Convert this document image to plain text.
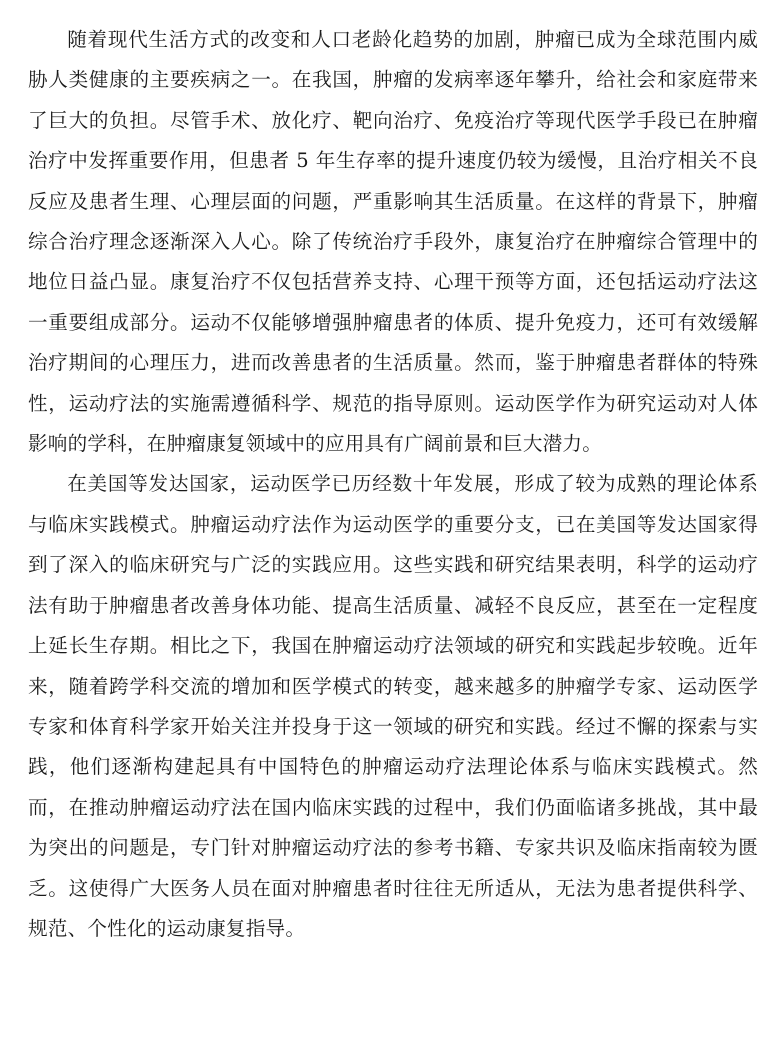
随着现代生活方式的改变和人口老龄化趋势的加剧，肿瘤已成为全球范围内威胁人类健康的主要疾病之一。在我国，肿瘤的发病率逐年攀升，给社会和家庭带来了巨大的负担。尽管手术、放化疗、靶向治疗、免疫治疗等现代医学手段已在肿瘤治疗中发挥重要作用，但患者 5 年生存率的提升速度仍较为缓慢，且治疗相关不良反应及患者生理、心理层面的问题，严重影响其生活质量。在这样的背景下，肿瘤综合治疗理念逐渐深入人心。除了传统治疗手段外，康复治疗在肿瘤综合管理中的地位日益凸显。康复治疗不仅包括营养支持、心理干预等方面，还包括运动疗法这一重要组成部分。运动不仅能够增强肿瘤患者的体质、提升免疫力，还可有效缓解治疗期间的心理压力，进而改善患者的生活质量。然而，鉴于肿瘤患者群体的特殊性，运动疗法的实施需遵循科学、规范的指导原则。运动医学作为研究运动对人体影响的学科，在肿瘤康复领域中的应用具有广阔前景和巨大潜力。

在美国等发达国家，运动医学已历经数十年发展，形成了较为成熟的理论体系与临床实践模式。肿瘤运动疗法作为运动医学的重要分支，已在美国等发达国家得到了深入的临床研究与广泛的实践应用。这些实践和研究结果表明，科学的运动疗法有助于肿瘤患者改善身体功能、提高生活质量、减轻不良反应，甚至在一定程度上延长生存期。相比之下，我国在肿瘤运动疗法领域的研究和实践起步较晚。近年来，随着跨学科交流的增加和医学模式的转变，越来越多的肿瘤学专家、运动医学专家和体育科学家开始关注并投身于这一领域的研究和实践。经过不懈的探索与实践，他们逐渐构建起具有中国特色的肿瘤运动疗法理论体系与临床实践模式。然而，在推动肿瘤运动疗法在国内临床实践的过程中，我们仍面临诸多挑战，其中最为突出的问题是，专门针对肿瘤运动疗法的参考书籍、专家共识及临床指南较为匮乏。这使得广大医务人员在面对肿瘤患者时往往无所适从，无法为患者提供科学、规范、个性化的运动康复指导。
